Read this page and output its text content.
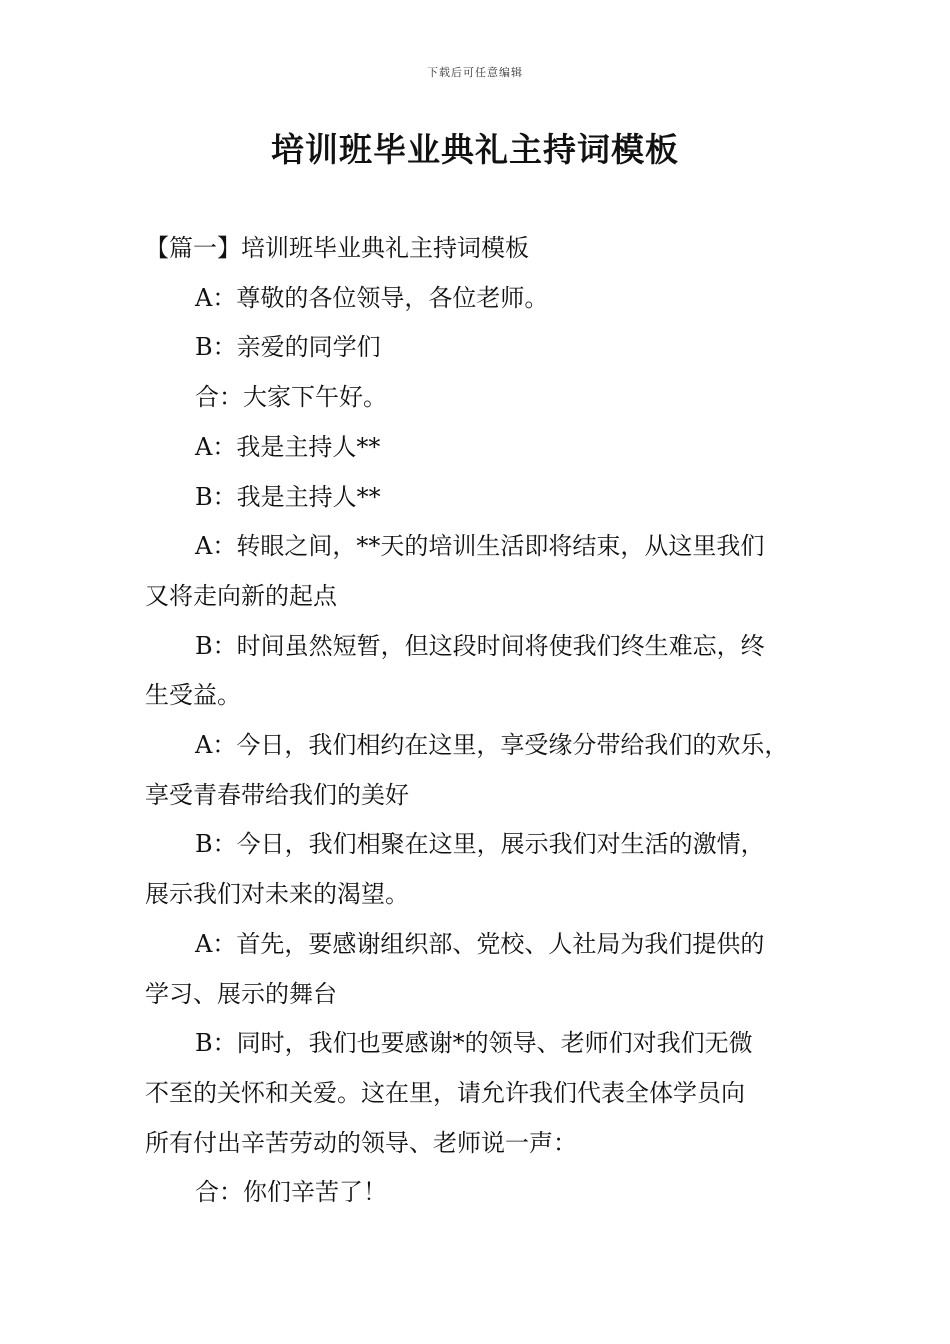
下载后可任意编辑
培训班毕业典礼主持词模板

【篇一】培训班毕业典礼主持词模板

A：尊敬的各位领导，各位老师。

B：亲爱的同学们

合：大家下午好。

A：我是主持人**

B：我是主持人**

A：转眼之间，**天的培训生活即将结束，从这里我们

又将走向新的起点

B：时间虽然短暂，但这段时间将使我们终生难忘，终

生受益。

A：今日，我们相约在这里，享受缘分带给我们的欢乐，

享受青春带给我们的美好

B：今日，我们相聚在这里，展示我们对生活的激情，

展示我们对未来的渴望。

A：首先，要感谢组织部、党校、人社局为我们提供的

学习、展示的舞台

B：同时，我们也要感谢*的领导、老师们对我们无微

不至的关怀和关爱。这在里，请允许我们代表全体学员向

所有付出辛苦劳动的领导、老师说一声：

合：你们辛苦了！
